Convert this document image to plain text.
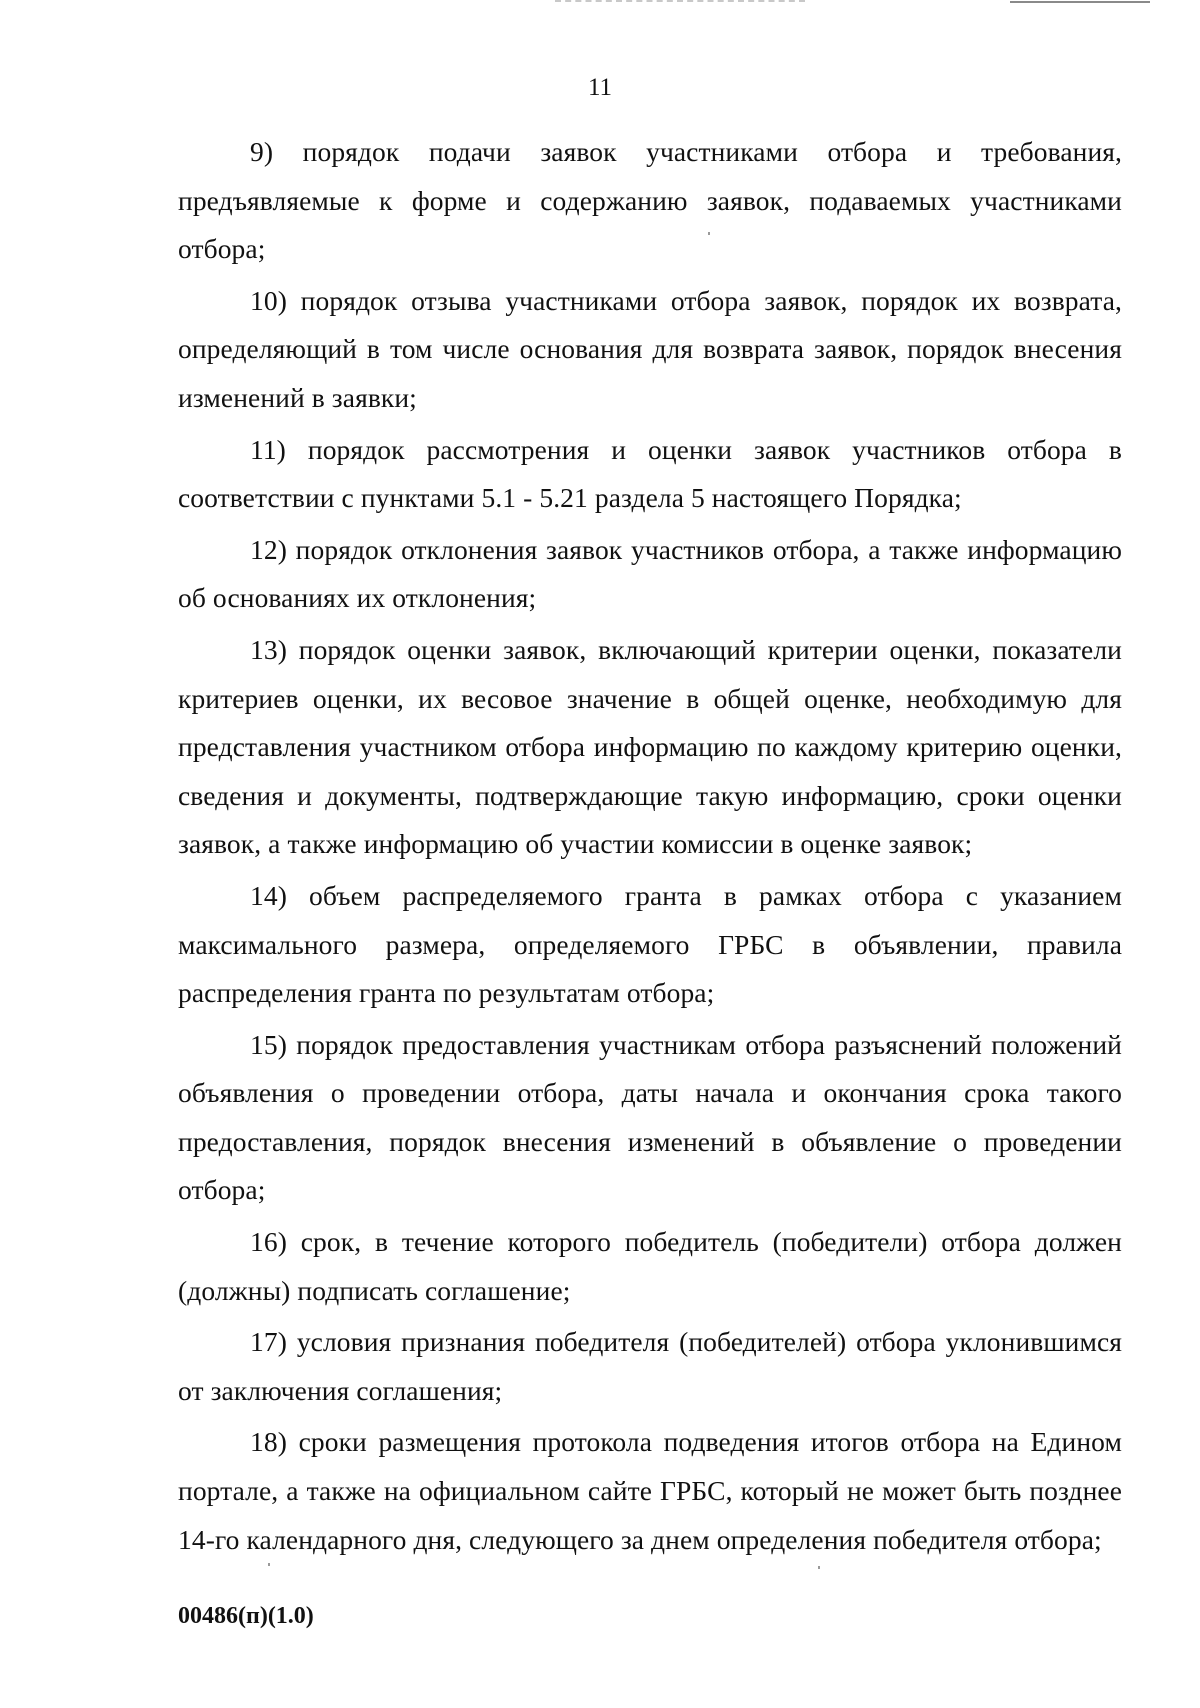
11

9) порядок подачи заявок участниками отбора и требования, предъявляемые к форме и содержанию заявок, подаваемых участниками отбора;

10) порядок отзыва участниками отбора заявок, порядок их возврата, определяющий в том числе основания для возврата заявок, порядок внесения изменений в заявки;

11) порядок рассмотрения и оценки заявок участников отбора в соответствии с пунктами 5.1 - 5.21 раздела 5 настоящего Порядка;

12) порядок отклонения заявок участников отбора, а также информацию об основаниях их отклонения;

13) порядок оценки заявок, включающий критерии оценки, показатели критериев оценки, их весовое значение в общей оценке, необходимую для представления участником отбора информацию по каждому критерию оценки, сведения и документы, подтверждающие такую информацию, сроки оценки заявок, а также информацию об участии комиссии в оценке заявок;

14) объем распределяемого гранта в рамках отбора с указанием максимального размера, определяемого ГРБС в объявлении, правила распределения гранта по результатам отбора;

15) порядок предоставления участникам отбора разъяснений положений объявления о проведении отбора, даты начала и окончания срока такого предоставления, порядок внесения изменений в объявление о проведении отбора;

16) срок, в течение которого победитель (победители) отбора должен (должны) подписать соглашение;

17) условия признания победителя (победителей) отбора уклонившимся от заключения соглашения;

18) сроки размещения протокола подведения итогов отбора на Едином портале, а также на официальном сайте ГРБС, который не может быть позднее 14-го календарного дня, следующего за днем определения победителя отбора;

00486(п)(1.0)
